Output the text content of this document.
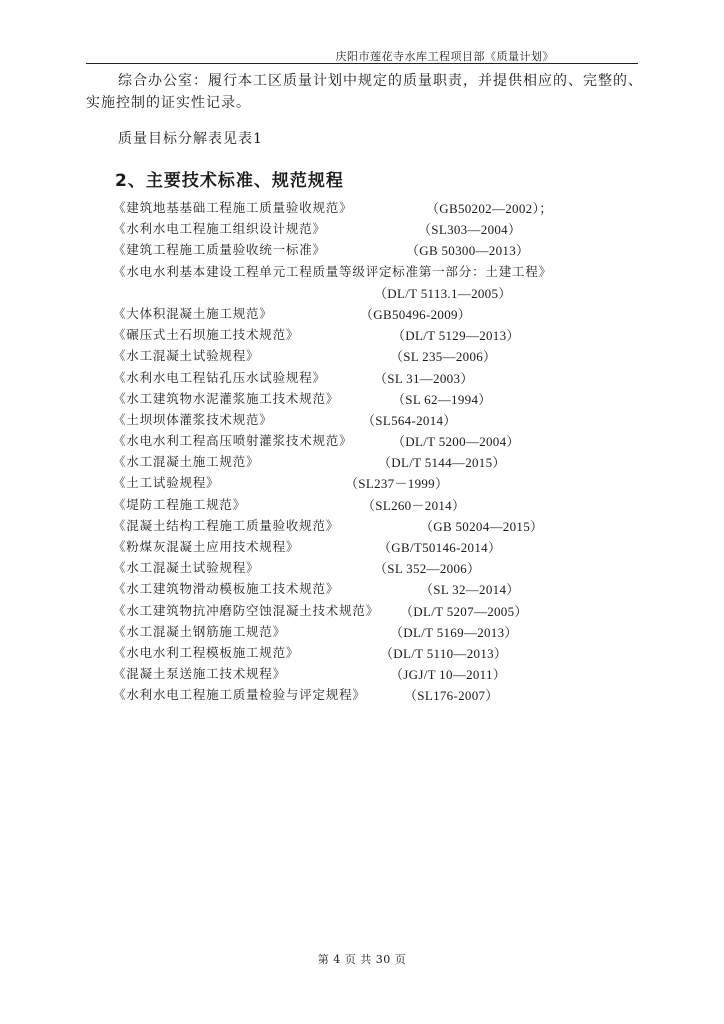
庆阳市莲花寺水库工程项目部《质量计划》

综合办公室：履行本工区质量计划中规定的质量职责，并提供相应的、完整的、实施控制的证实性记录。

质量目标分解表见表1

2、主要技术标准、规范规程
《建筑地基基础工程施工质量验收规范》	（GB50202—2002）；
《水利水电工程施工组织设计规范》	（SL303—2004）
《建筑工程施工质量验收统一标准》	（GB 50300—2013）
《水电水利基本建设工程单元工程质量等级评定标准第一部分：土建工程》
（DL/T 5113.1—2005）
《大体积混凝土施工规范》	（GB50496-2009）
《碾压式土石坝施工技术规范》	（DL/T 5129—2013）
《水工混凝土试验规程》	（SL 235—2006）
《水利水电工程钻孔压水试验规程》	（SL 31—2003）
《水工建筑物水泥灌浆施工技术规范》	（SL 62—1994）
《土坝坝体灌浆技术规范》	（SL564-2014）
《水电水利工程高压喷射灌浆技术规范》	（DL/T 5200—2004）
《水工混凝土施工规范》	（DL/T 5144—2015）
《土工试验规程》	（SL237－1999）
《堤防工程施工规范》	（SL260－2014）
《混凝土结构工程施工质量验收规范》	（GB 50204—2015）
《粉煤灰混凝土应用技术规程》	（GB/T50146-2014）
《水工混凝土试验规程》	（SL 352—2006）
《水工建筑物滑动模板施工技术规范》	（SL 32—2014）
《水工建筑物抗冲磨防空蚀混凝土技术规范》 （DL/T 5207—2005）
《水工混凝土钢筋施工规范》	（DL/T 5169—2013）
《水电水利工程模板施工规范》	（DL/T 5110—2013）
《混凝土泵送施工技术规程》	（JGJ/T 10—2011）
《水利水电工程施工质量检验与评定规程》	（SL176-2007）
第 4 页 共 30 页
